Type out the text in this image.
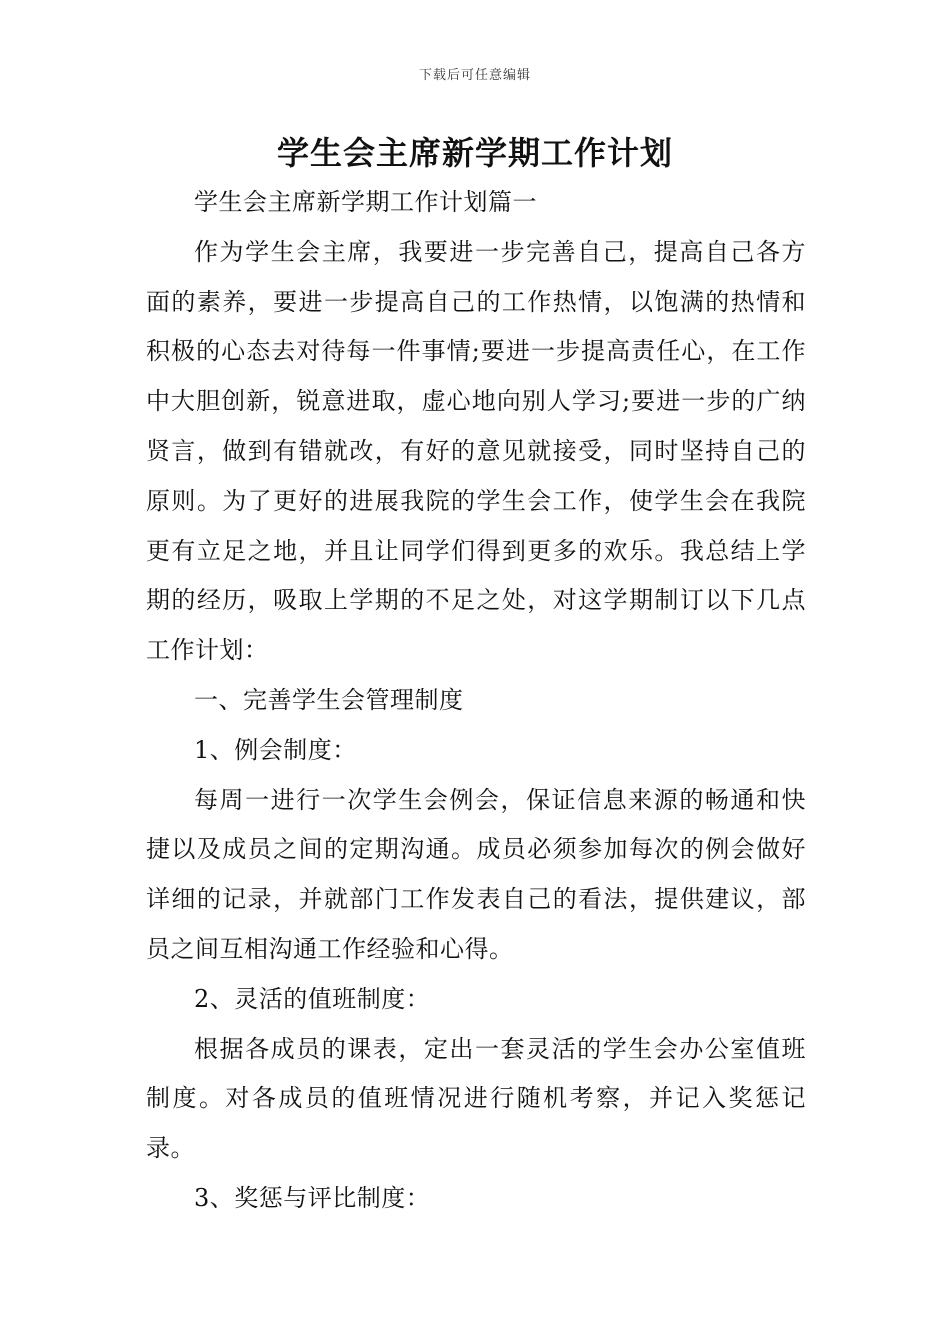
下载后可任意编辑
学生会主席新学期工作计划

学生会主席新学期工作计划篇一

作为学生会主席，我要进一步完善自己，提高自己各方面的素养，要进一步提高自己的工作热情，以饱满的热情和积极的心态去对待每一件事情;要进一步提高责任心，在工作中大胆创新，锐意进取，虚心地向别人学习;要进一步的广纳贤言，做到有错就改，有好的意见就接受，同时坚持自己的原则。为了更好的进展我院的学生会工作，使学生会在我院更有立足之地，并且让同学们得到更多的欢乐。我总结上学期的经历，吸取上学期的不足之处，对这学期制订以下几点工作计划：

一、完善学生会管理制度

1、例会制度：

每周一进行一次学生会例会，保证信息来源的畅通和快捷以及成员之间的定期沟通。成员必须参加每次的例会做好详细的记录，并就部门工作发表自己的看法，提供建议，部员之间互相沟通工作经验和心得。

2、灵活的值班制度：

根据各成员的课表，定出一套灵活的学生会办公室值班制度。对各成员的值班情况进行随机考察，并记入奖惩记录。

3、奖惩与评比制度：
